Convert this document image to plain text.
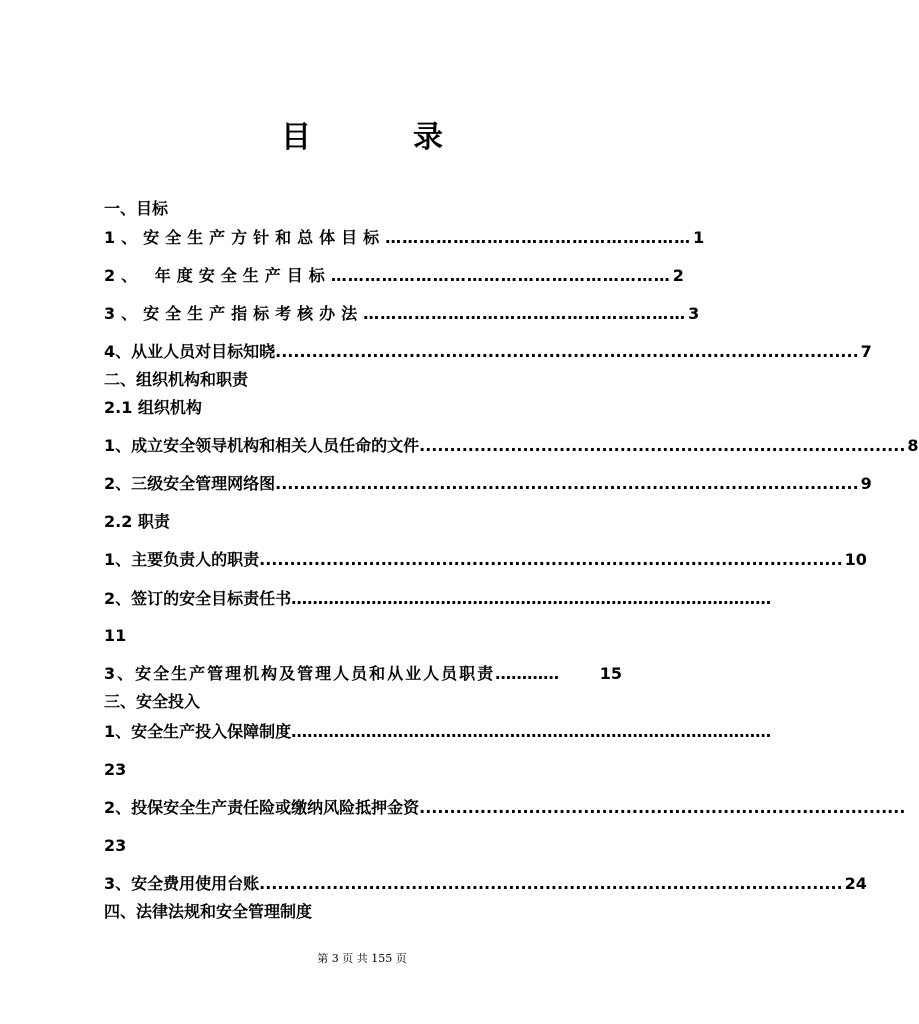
目　录
一、目标
1、安全生产方针和总体目标 ……………………………………………… 1
2、 年度安全生产目标 …………………………………………………… 2
3、安全生产指标考核办法 ………………………………………………… 3
4、从业人员对目标知晓 ................................................................................................ 7
二、组织机构和职责
2.1 组织机构
1、成立安全领导机构和相关人员任命的文件 ................................................................................ 8
2、三级安全管理网络图 ................................................................................................ 9
2.2 职责
1、主要负责人的职责 ................................................................................................ 10
2、签订的安全目标责任书 ………………………………………………………………………………
11
3、安全生产管理机构及管理人员和从业人员职责 …………	15
三、安全投入
1、安全生产投入保障制度 ………………………………………………………………………………
23
2、投保安全生产责任险或缴纳风险抵押金资 ................................................................................
23
3、安全费用使用台账 ................................................................................................ 24
四、法律法规和安全管理制度
第 3 页 共 155 页
